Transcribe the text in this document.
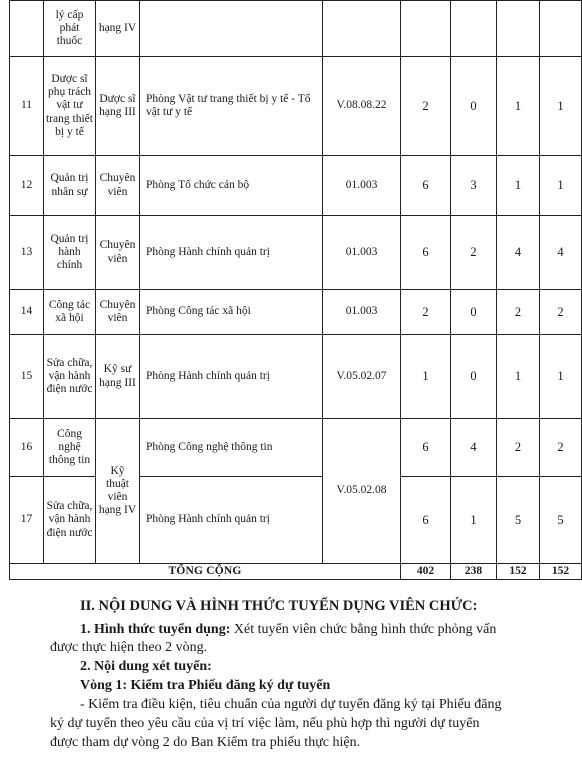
	lý cấp phát thuốc	hạng IV						
11	Dược sĩ phụ trách vật tư trang thiết bị y tế	Dược sĩ hạng III	Phòng Vật tư trang thiết bị y tế - Tổ vật tư y tế	V.08.08.22	2	0	1	1
12	Quản trị nhân sự	Chuyên viên	Phòng Tổ chức cán bộ	01.003	6	3	1	1
13	Quản trị hành chính	Chuyên viên	Phòng Hành chính quản trị	01.003	6	2	4	4
14	Công tác xã hội	Chuyên viên	Phòng Công tác xã hội	01.003	2	0	2	2
15	Sửa chữa, vận hành điện nước	Kỹ sư hạng III	Phòng Hành chính quản trị	V.05.02.07	1	0	1	1
16	Công nghệ thông tin	Kỹ thuật viên hạng IV	Phòng Công nghệ thông tin	V.05.02.08	6	4	2	2
17	Sửa chữa, vận hành điện nước		Phòng Hành chính quản trị		6	1	5	5
TỔNG CỘNG					402	238	152	152
II. NỘI DUNG VÀ HÌNH THỨC TUYỂN DỤNG VIÊN CHỨC:
1. Hình thức tuyển dụng: Xét tuyển viên chức bằng hình thức phỏng vấn
được thực hiện theo 2 vòng.
2. Nội dung xét tuyển:
Vòng 1: Kiểm tra Phiếu đăng ký dự tuyển
- Kiểm tra điều kiện, tiêu chuẩn của người dự tuyển đăng ký tại Phiếu đăng
ký dự tuyển theo yêu cầu của vị trí việc làm, nếu phù hợp thì người dự tuyển
được tham dự vòng 2 do Ban Kiểm tra phiếu thực hiện.
